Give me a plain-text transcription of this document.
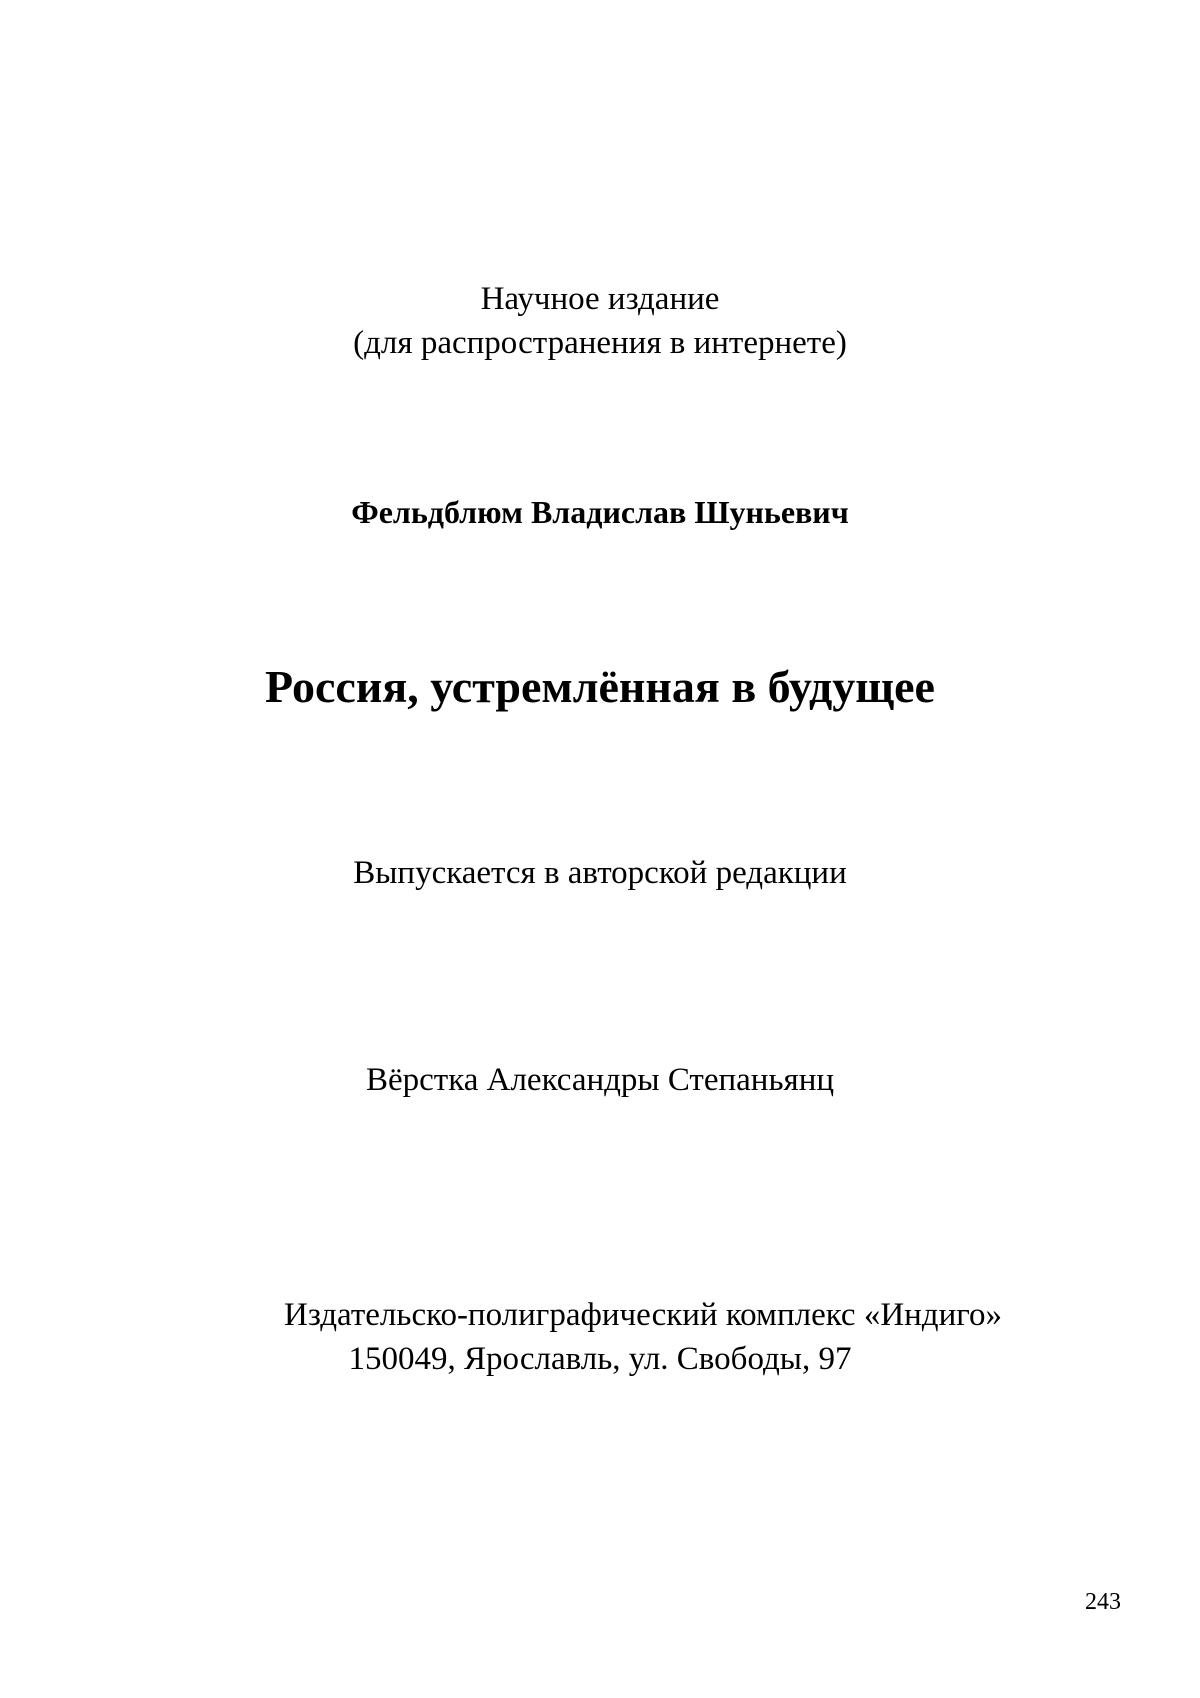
Научное издание
(для распространения в интернете)
Фельдблюм Владислав Шуньевич
Россия, устремлённая в будущее
Выпускается в авторской редакции
Вёрстка Александры Степаньянц
Издательско-полиграфический комплекс «Индиго»
150049, Ярославль, ул. Свободы, 97
243
